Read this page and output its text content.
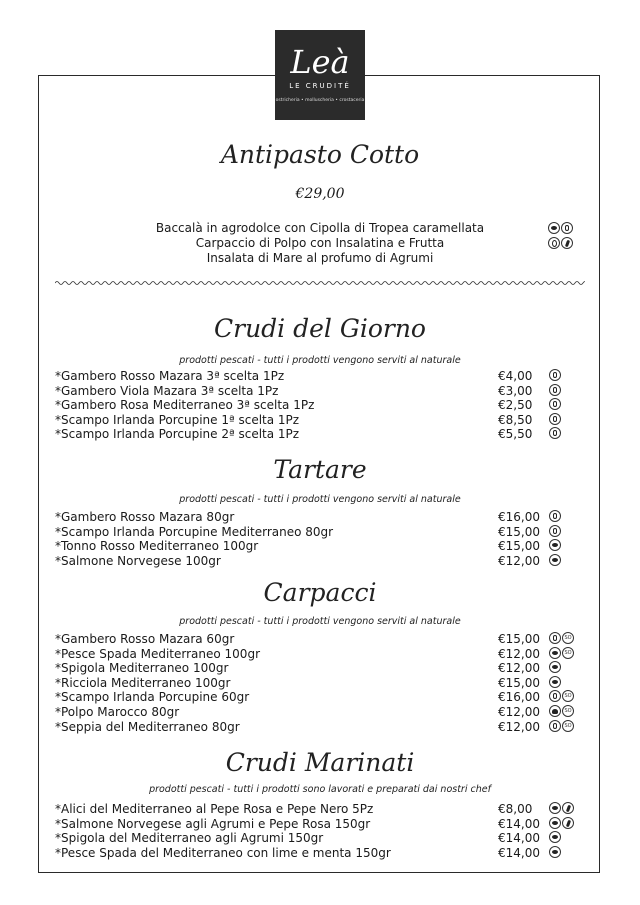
Leà
LE CRUDITÉ
ostricheria • molluscheria • crostaceria
Antipasto Cotto
€29,00
Baccalà in agrodolce con Cipolla di Tropea caramellata
Carpaccio di Polpo con Insalatina e Frutta
Insalata di Mare al profumo di Agrumi
Crudi del Giorno
prodotti pescati - tutti i prodotti vengono serviti al naturale
*Gambero Rosso Mazara 3ª scelta 1Pz	€4,00
*Gambero Viola Mazara 3ª scelta 1Pz	€3,00
*Gambero Rosa Mediterraneo 3ª scelta 1Pz	€2,50
*Scampo Irlanda Porcupine 1ª scelta 1Pz	€8,50
*Scampo Irlanda Porcupine 2ª scelta 1Pz	€5,50
Tartare
prodotti pescati - tutti i prodotti vengono serviti al naturale
*Gambero Rosso Mazara 80gr	€16,00
*Scampo Irlanda Porcupine Mediterraneo 80gr	€15,00
*Tonno Rosso Mediterraneo 100gr	€15,00
*Salmone Norvegese 100gr	€12,00
Carpacci
prodotti pescati - tutti i prodotti vengono serviti al naturale
*Gambero Rosso Mazara 60gr	€15,00	SO
*Pesce Spada Mediterraneo 100gr	€12,00	SO
*Spigola Mediterraneo 100gr	€12,00
*Ricciola Mediterraneo 100gr	€15,00
*Scampo Irlanda Porcupine 60gr	€16,00	SO
*Polpo Marocco 80gr	€12,00	SO
*Seppia del Mediterraneo 80gr	€12,00	SO
Crudi Marinati
prodotti pescati - tutti i prodotti sono lavorati e preparati dai nostri chef
*Alici del Mediterraneo al Pepe Rosa e Pepe Nero 5Pz	€8,00
*Salmone Norvegese agli Agrumi e Pepe Rosa 150gr	€14,00
*Spigola del Mediterraneo agli Agrumi 150gr	€14,00
*Pesce Spada del Mediterraneo con lime e menta 150gr	€14,00
